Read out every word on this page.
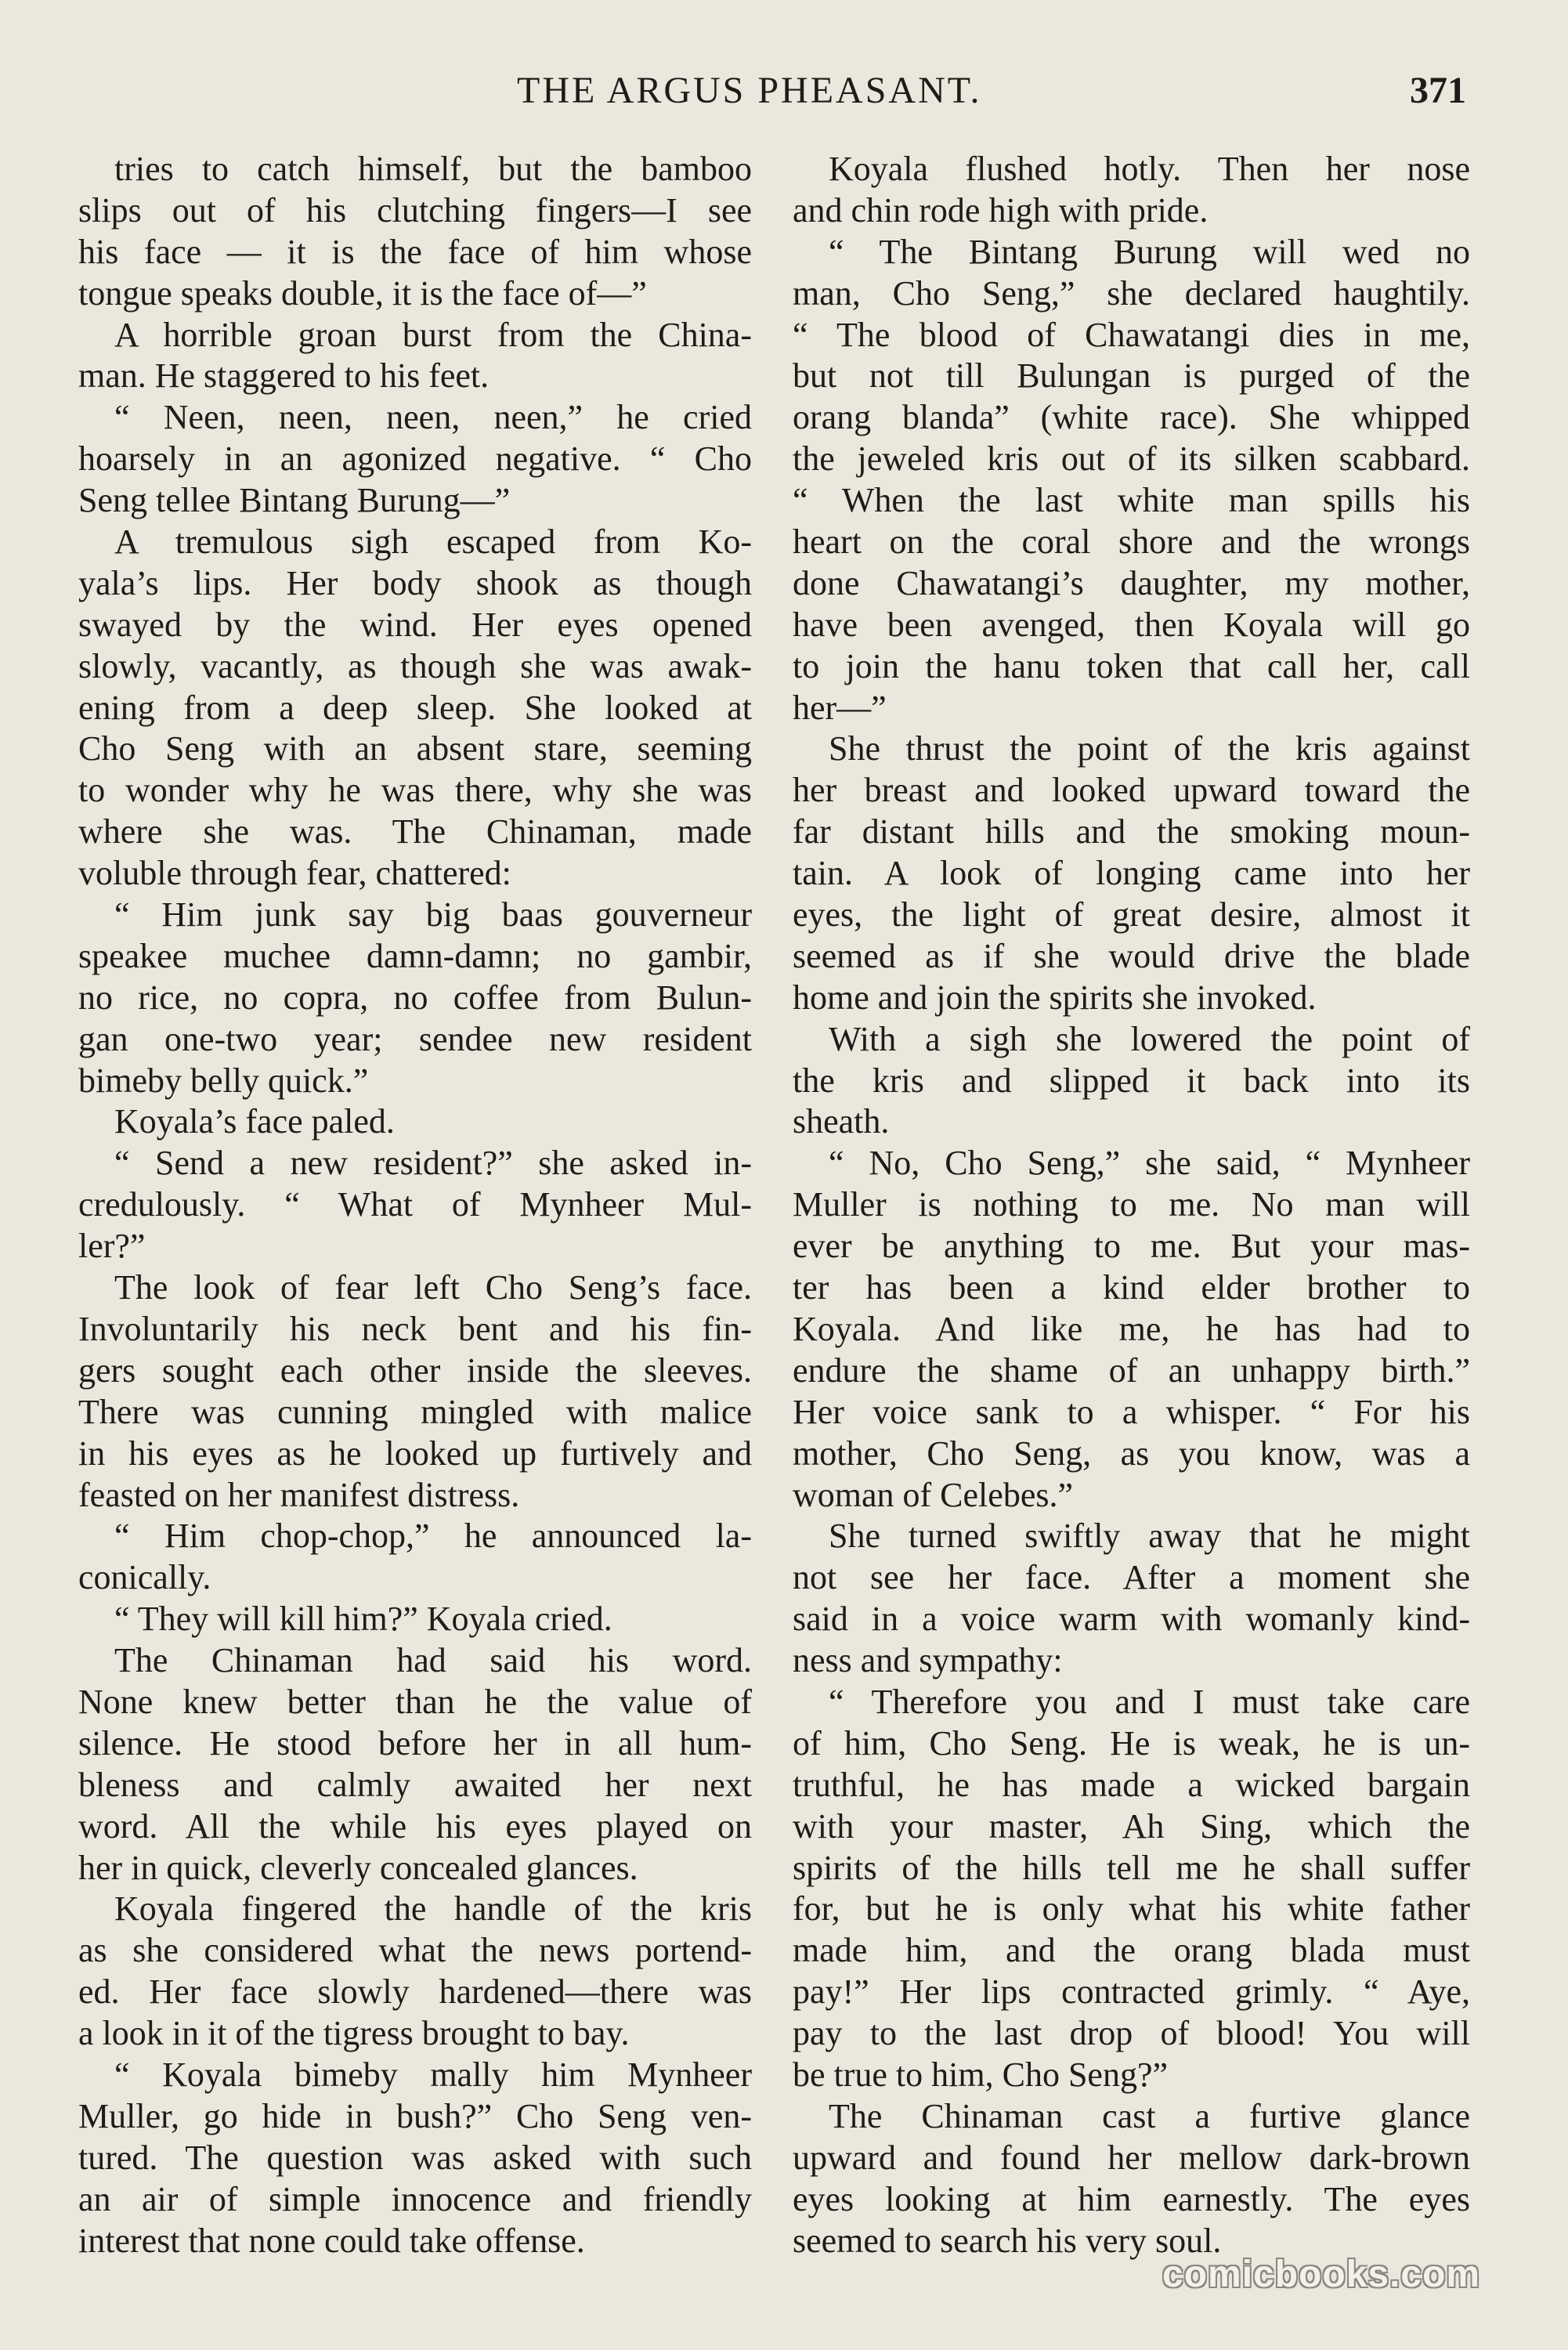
THE ARGUS PHEASANT.	371
tries to catch himself, but the bamboo
slips out of his clutching fingers—I see
his face — it is the face of him whose
tongue speaks double, it is the face of—”
A horrible groan burst from the China-
man. He staggered to his feet.
“ Neen, neen, neen, neen,” he cried
hoarsely in an agonized negative. “ Cho
Seng tellee Bintang Burung—”
A tremulous sigh escaped from Ko-
yala’s lips. Her body shook as though
swayed by the wind. Her eyes opened
slowly, vacantly, as though she was awak-
ening from a deep sleep. She looked at
Cho Seng with an absent stare, seeming
to wonder why he was there, why she was
where she was. The Chinaman, made
voluble through fear, chattered:
“ Him junk say big baas gouverneur
speakee muchee damn-damn; no gambir,
no rice, no copra, no coffee from Bulun-
gan one-two year; sendee new resident
bimeby belly quick.”
Koyala’s face paled.
“ Send a new resident?” she asked in-
credulously. “ What of Mynheer Mul-
ler?”
The look of fear left Cho Seng’s face.
Involuntarily his neck bent and his fin-
gers sought each other inside the sleeves.
There was cunning mingled with malice
in his eyes as he looked up furtively and
feasted on her manifest distress.
“ Him chop-chop,” he announced la-
conically.
“ They will kill him?” Koyala cried.
The Chinaman had said his word.
None knew better than he the value of
silence. He stood before her in all hum-
bleness and calmly awaited her next
word. All the while his eyes played on
her in quick, cleverly concealed glances.
Koyala fingered the handle of the kris
as she considered what the news portend-
ed. Her face slowly hardened—there was
a look in it of the tigress brought to bay.
“ Koyala bimeby mally him Mynheer
Muller, go hide in bush?” Cho Seng ven-
tured. The question was asked with such
an air of simple innocence and friendly
interest that none could take offense.
Koyala flushed hotly. Then her nose
and chin rode high with pride.
“ The Bintang Burung will wed no
man, Cho Seng,” she declared haughtily.
“ The blood of Chawatangi dies in me,
but not till Bulungan is purged of the
orang blanda” (white race). She whipped
the jeweled kris out of its silken scabbard.
“ When the last white man spills his
heart on the coral shore and the wrongs
done Chawatangi’s daughter, my mother,
have been avenged, then Koyala will go
to join the hanu token that call her, call
her—”
She thrust the point of the kris against
her breast and looked upward toward the
far distant hills and the smoking moun-
tain. A look of longing came into her
eyes, the light of great desire, almost it
seemed as if she would drive the blade
home and join the spirits she invoked.
With a sigh she lowered the point of
the kris and slipped it back into its
sheath.
“ No, Cho Seng,” she said, “ Mynheer
Muller is nothing to me. No man will
ever be anything to me. But your mas-
ter has been a kind elder brother to
Koyala. And like me, he has had to
endure the shame of an unhappy birth.”
Her voice sank to a whisper. “ For his
mother, Cho Seng, as you know, was a
woman of Celebes.”
She turned swiftly away that he might
not see her face. After a moment she
said in a voice warm with womanly kind-
ness and sympathy:
“ Therefore you and I must take care
of him, Cho Seng. He is weak, he is un-
truthful, he has made a wicked bargain
with your master, Ah Sing, which the
spirits of the hills tell me he shall suffer
for, but he is only what his white father
made him, and the orang blada must
pay!” Her lips contracted grimly. “ Aye,
pay to the last drop of blood! You will
be true to him, Cho Seng?”
The Chinaman cast a furtive glance
upward and found her mellow dark-brown
eyes looking at him earnestly. The eyes
seemed to search his very soul.
comicbooks.com
